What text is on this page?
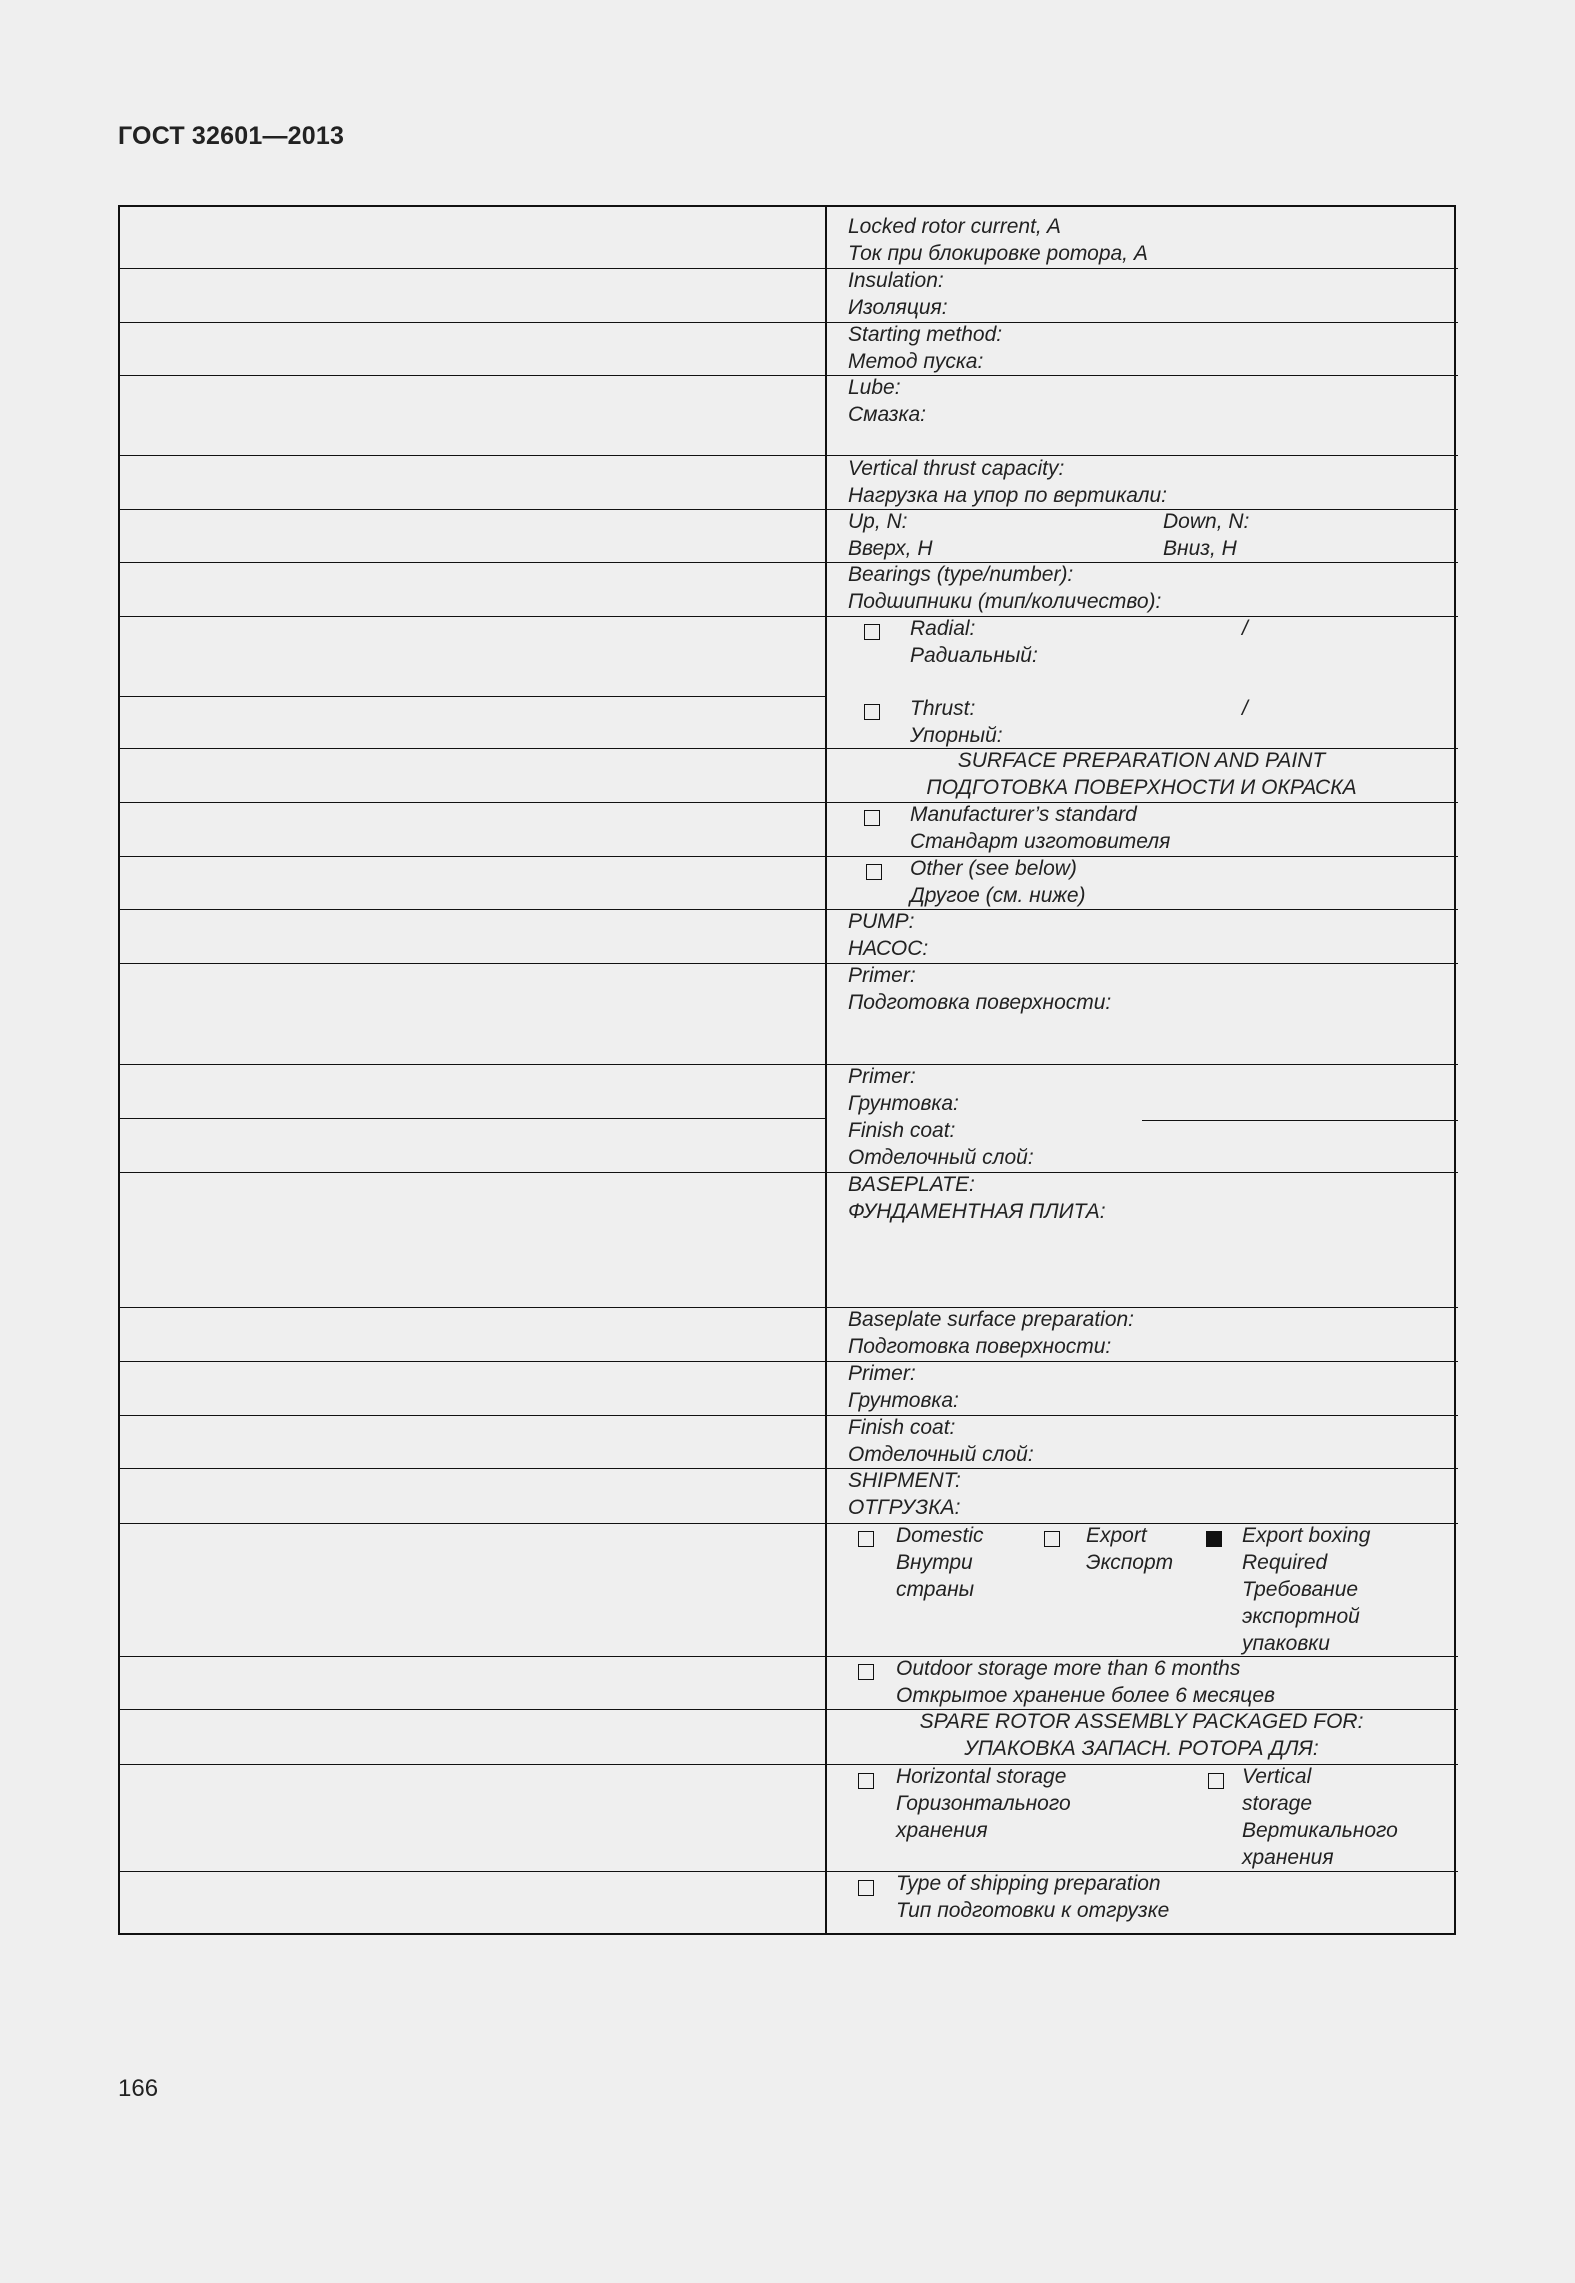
ГОСТ 32601—2013
Locked rotor current, A
Ток при блокировке ротора, А
Insulation:
Изоляция:
Starting method:
Метод пуска:
Lube:
Смазка:
Vertical thrust capacity:
Нагрузка на упор по вертикали:
Up, N:
Вверх, Н
Down, N:
Вниз, Н
Bearings (type/number):
Подшипники (тип/количество):
Radial:
Радиальный:
/
Thrust:
Упорный:
/
SURFACE PREPARATION AND PAINT
ПОДГОТОВКА ПОВЕРХНОСТИ И ОКРАСКА
Manufacturer’s standard
Стандарт изготовителя
Other (see below)
Другое (см. ниже)
PUMP:
НАСОС:
Primer:
Подготовка поверхности:
Primer:
Грунтовка:
Finish coat:
Отделочный слой:
BASEPLATE:
ФУНДАМЕНТНАЯ ПЛИТА:
Baseplate surface preparation:
Подготовка поверхности:
Primer:
Грунтовка:
Finish coat:
Отделочный слой:
SHIPMENT:
ОТГРУЗКА:
Domestic
Внутри
страны
Export
Экспорт
Export boxing
Required
Требование
экспортной
упаковки
Outdoor storage more than 6 months
Открытое хранение более 6 месяцев
SPARE ROTOR ASSEMBLY PACKAGED FOR:
УПАКОВКА ЗАПАСН. РОТОРА ДЛЯ:
Horizontal storage
Горизонтального
хранения
Vertical
storage
Вертикального
хранения
Type of shipping preparation
Тип подготовки к отгрузке
166
